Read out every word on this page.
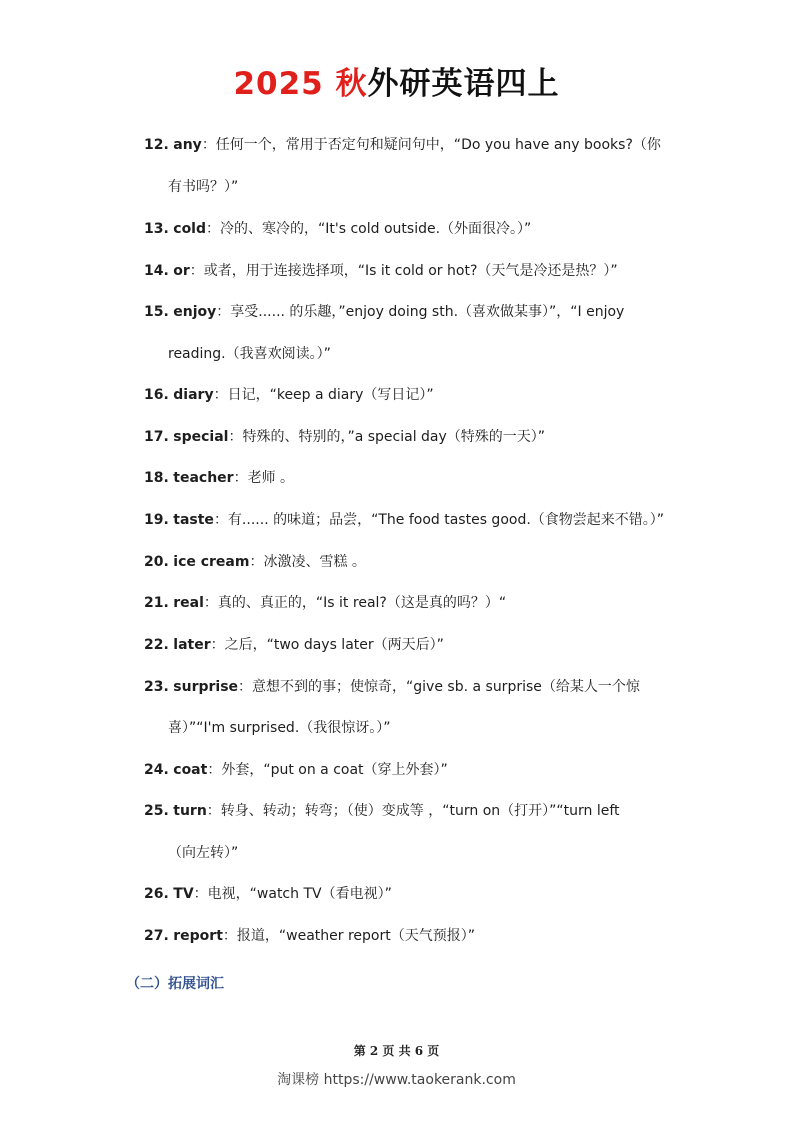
2025 秋外研英语四上
12. any：任何一个，常用于否定句和疑问句中，“Do you have any books?（你
有书吗？）”
13. cold：冷的、寒冷的，“It's cold outside.（外面很冷。）”
14. or：或者，用于连接选择项，“Is it cold or hot?（天气是冷还是热？）”
15. enjoy：享受...... 的乐趣，”enjoy doing sth.（喜欢做某事）”，“I enjoy
reading.（我喜欢阅读。）”
16. diary：日记，“keep a diary（写日记）”
17. special：特殊的、特别的，”a special day（特殊的一天）”
18. teacher：老师 。
19. taste：有...... 的味道；品尝，“The food tastes good.（食物尝起来不错。）”
20. ice cream：冰激凌、雪糕 。
21. real：真的、真正的，“Is it real?（这是真的吗？）“
22. later：之后，“two days later（两天后）”
23. surprise：意想不到的事；使惊奇，“give sb. a surprise（给某人一个惊
喜）”“I'm surprised.（我很惊讶。）”
24. coat：外套，“put on a coat（穿上外套）”
25. turn：转身、转动；转弯；（使）变成等 ，“turn on（打开）”“turn left
（向左转）”
26. TV：电视，“watch TV（看电视）”
27. report：报道，“weather report（天气预报）”
（二）拓展词汇
第 2 页 共 6 页
淘课榜 https://www.taokerank.com
